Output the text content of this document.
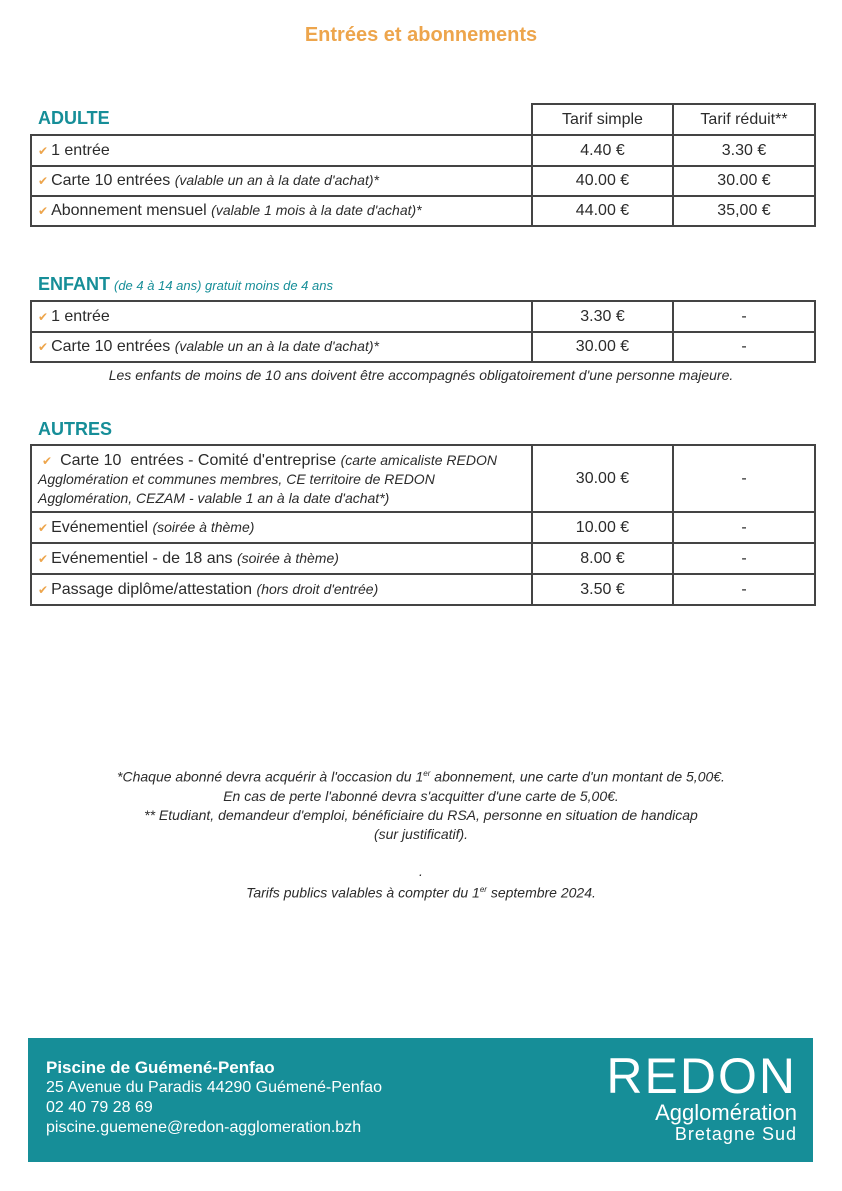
Entrées et abonnements
ADULTE
		Tarif simple	Tarif réduit**
✔ 1 entrée	4.40 €	3.30 €
✔ Carte 10 entrées (valable un an à la date d'achat)*	40.00 €	30.00 €
✔ Abonnement mensuel (valable 1 mois à la date d'achat)*	44.00 €	35,00 €
ENFANT (de 4 à 14 ans) gratuit moins de 4 ans
✔ 1 entrée	3.30 €	-
✔ Carte 10 entrées (valable un an à la date d'achat)*	30.00 €	-
Les enfants de moins de 10 ans doivent être accompagnés obligatoirement d'une personne majeure.
AUTRES
✔ Carte 10  entrées - Comité d'entreprise (carte amicaliste REDON Agglomération et communes membres, CE territoire de REDON Agglomération, CEZAM - valable 1 an à la date d'achat*)	30.00 €	-
✔ Evénementiel (soirée à thème)	10.00 €	-
✔ Evénementiel - de 18 ans (soirée à thème)	8.00 €	-
✔ Passage diplôme/attestation (hors droit d'entrée)	3.50 €	-
*Chaque abonné devra acquérir à l'occasion du 1er abonnement, une carte d'un montant de 5,00€.
En cas de perte l'abonné devra s'acquitter d'une carte de 5,00€.
** Etudiant, demandeur d'emploi, bénéficiaire du RSA, personne en situation de handicap
(sur justificatif).
.
Tarifs publics valables à compter du 1er septembre 2024.
Piscine de Guémené-Penfao
25 Avenue du Paradis 44290 Guémené-Penfao
02 40 79 28 69
piscine.guemene@redon-agglomeration.bzh
REDON
Agglomération
Bretagne Sud
